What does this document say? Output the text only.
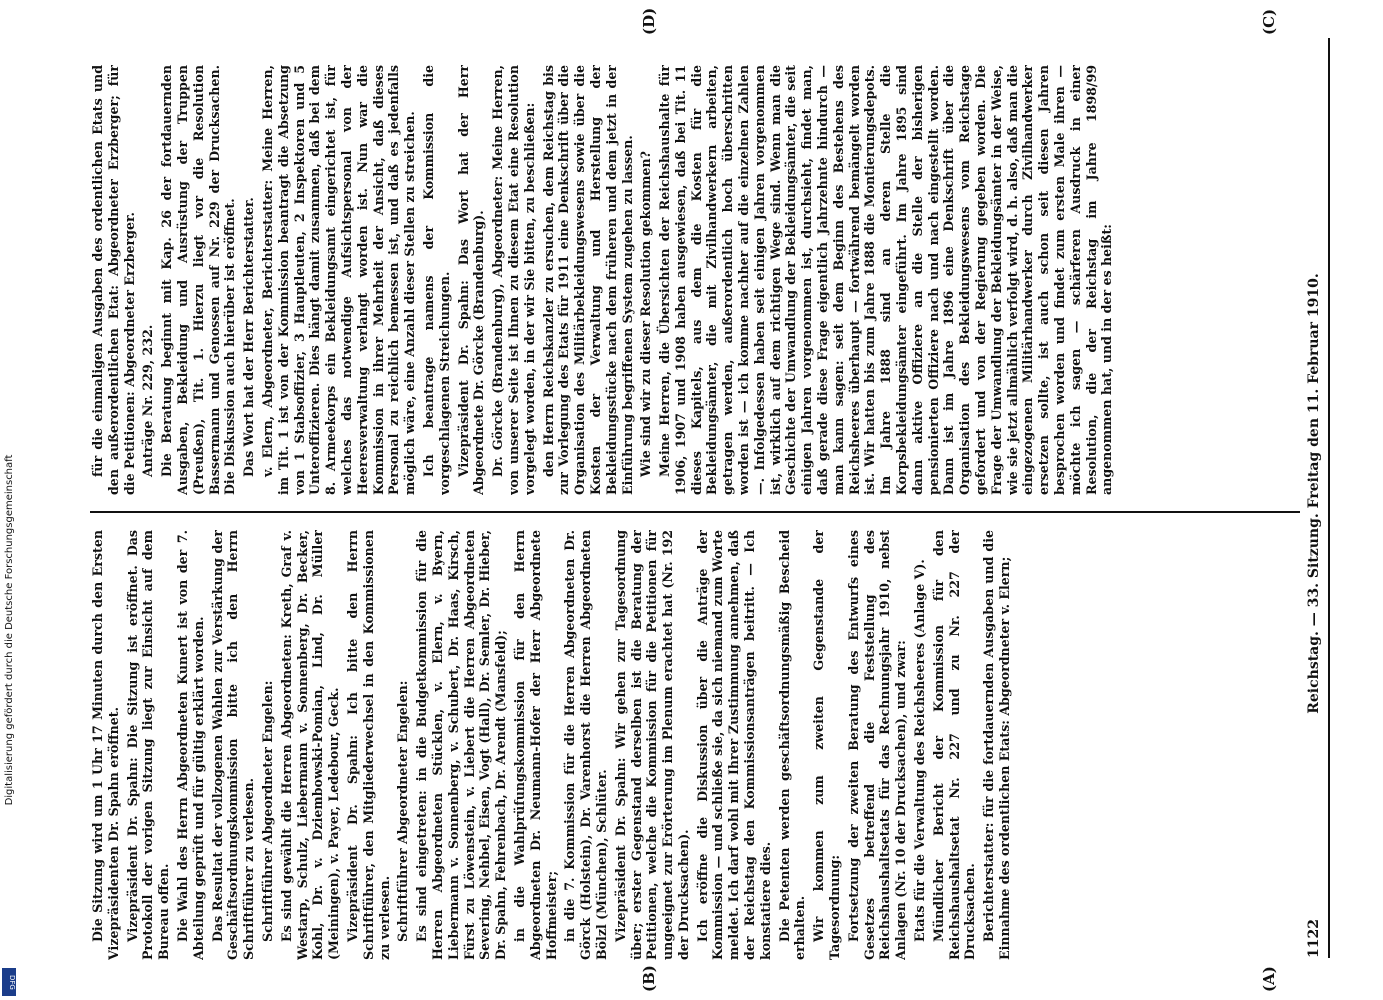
Digitalisierung gefördert durch die Deutsche Forschungsgemeinschaft
DFG
1122
Reichstag. — 33. Sitzung. Freitag den 11. Februar 1910.
(A)
(B)
(C)
(D)

Die Sitzung wird um 1 Uhr 17 Minuten durch den Ersten Vizepräsidenten Dr. Spahn eröffnet. Vizepräsident Dr. Spahn: Die Sitzung ist eröffnet. Das Protokoll der vorigen Sitzung liegt zur Einsicht auf dem Bureau offen. Die Wahl des Herrn Abgeordneten Kunert ist von der 7. Abteilung geprüft und für gültig erklärt worden. Das Resultat der vollzogenen Wahlen zur Verstärkung der Geschäftsordnungskommission bitte ich den Herrn Schriftführer zu verlesen. Schriftführer Abgeordneter Engelen: Es sind gewählt die Herren Abgeordneten: Kreth, Graf v. Westarp, Schulz, Liebermann v. Sonnenberg, Dr. Becker, Kohl, Dr. v. Dziembowski-Pomian, Lind, Dr. Müller (Meiningen), v. Payer, Ledebour, Geck. Vizepräsident Dr. Spahn: Ich bitte den Herrn Schriftführer, den Mitgliederwechsel in den Kommissionen zu verlesen. Schriftführer Abgeordneter Engelen: Es sind eingetreten: in die Budgetkommission für die Herren Abgeordneten Stücklen, v. Elern, v. Byern, Liebermann v. Sonnenberg, v. Schubert, Dr. Haas, Kirsch, Fürst zu Löwenstein, v. Liebert die Herren Abgeordneten Severing, Nehbel, Eisen, Vogt (Hall), Dr. Semler, Dr. Hieber, Dr. Spahn, Fehrenbach, Dr. Arendt (Mansfeld); in die Wahlprüfungskommission für den Herrn Abgeordneten Dr. Neumann-Hofer der Herr Abgeordnete Hoffmeister; in die 7. Kommission für die Herren Abgeordneten Dr. Görck (Holstein), Dr. Varenhorst die Herren Abgeordneten Bölzl (München), Schlüter. Vizepräsident Dr. Spahn: Wir gehen zur Tagesordnung über; erster Gegenstand derselben ist die Beratung der Petitionen, welche die Kommission für die Petitionen für ungeeignet zur Erörterung im Plenum erachtet hat (Nr. 192 der Drucksachen). Ich eröffne die Diskussion über die Anträge der Kommission — und schließe sie, da sich niemand zum Worte meldet. Ich darf wohl mit Ihrer Zustimmung annehmen, daß der Reichstag den Kommissionsanträgen beitritt. — Ich konstatiere dies. Die Petenten werden geschäftsordnungsmäßig Bescheid erhalten. Wir kommen zum zweiten Gegenstande der Tagesordnung: Fortsetzung der zweiten Beratung des Entwurfs eines Gesetzes betreffend die Feststellung des Reichshaushaltsetats für das Rechnungsjahr 1910, nebst Anlagen (Nr. 10 der Drucksachen), und zwar: Etats für die Verwaltung des Reichsheeres (Anlage V). Mündlicher Bericht der Kommission für den Reichshaushaltsetat Nr. 227 und zu Nr. 227 der Drucksachen. Berichterstatter: für die fortdauernden Ausgaben und die Einnahme des ordentlichen Etats: Abgeordneter v. Elern;

für die einmaligen Ausgaben des ordentlichen Etats und den außerordentlichen Etat: Abgeordneter Erzberger; für die Petitionen: Abgeordneter Erzberger. Anträge Nr. 229, 232. Die Beratung beginnt mit Kap. 26 der fortdauernden Ausgaben, Bekleidung und Ausrüstung der Truppen (Preußen), Tit. 1. Hierzu liegt vor die Resolution Bassermann und Genossen auf Nr. 229 der Drucksachen. Die Diskussion auch hierüber ist eröffnet. Das Wort hat der Herr Berichterstatter. v. Elern, Abgeordneter, Berichterstatter: Meine Herren, im Tit. 1 ist von der Kommission beantragt die Absetzung von 1 Stabsoffizier, 3 Hauptleuten, 2 Inspektoren und 5 Unteroffizieren. Dies hängt damit zusammen, daß bei dem 8. Armeekorps ein Bekleidungsamt eingerichtet ist, für welches das notwendige Aufsichtspersonal von der Heeresverwaltung verlangt worden ist. Nun war die Kommission in ihrer Mehrheit der Ansicht, daß dieses Personal zu reichlich bemessen ist, und daß es jedenfalls möglich wäre, eine Anzahl dieser Stellen zu streichen. Ich beantrage namens der Kommission die vorgeschlagenen Streichungen. Vizepräsident Dr. Spahn: Das Wort hat der Herr Abgeordnete Dr. Görcke (Brandenburg). Dr. Görcke (Brandenburg), Abgeordneter: Meine Herren, von unserer Seite ist Ihnen zu diesem Etat eine Resolution vorgelegt worden, in der wir Sie bitten, zu beschließen: den Herrn Reichskanzler zu ersuchen, dem Reichstag bis zur Vorlegung des Etats für 1911 eine Denkschrift über die Organisation des Militärbekleidungswesens sowie über die Kosten der Verwaltung und Herstellung der Bekleidungsstücke nach dem früheren und dem jetzt in der Einführung begriffenen System zugehen zu lassen. Wie sind wir zu dieser Resolution gekommen? Meine Herren, die Übersichten der Reichshaushalte für 1906, 1907 und 1908 haben ausgewiesen, daß bei Tit. 11 dieses Kapitels, aus dem die Kosten für die Bekleidungsämter, die mit Zivilhandwerkern arbeiten, getragen werden, außerordentlich hoch überschritten worden ist — ich komme nachher auf die einzelnen Zahlen —. Infolgedessen haben seit einigen Jahren vorgenommen ist, wirklich auf dem richtigen Wege sind. Wenn man die Geschichte der Umwandlung der Bekleidungsämter, die seit einigen Jahren vorgenommen ist, durchsieht, findet man, daß gerade diese Frage eigentlich Jahrzehnte hindurch — man kann sagen: seit dem Beginn des Bestehens des Reichsheeres überhaupt — fortwährend bemängelt worden ist. Wir hatten bis zum Jahre 1888 die Montierungsdepots. Im Jahre 1888 sind an deren Stelle die Korpsbekleidungsämter eingeführt. Im Jahre 1895 sind dann aktive Offiziere an die Stelle der bisherigen pensionierten Offiziere nach und nach eingestellt worden. Dann ist im Jahre 1896 eine Denkschrift über die Organisation des Bekleidungswesens vom Reichstage gefordert und von der Regierung gegeben worden. Die Frage der Umwandlung der Bekleidungsämter in der Weise, wie sie jetzt allmählich verfolgt wird, d. h. also, daß man die eingezogenen Militärhandwerker durch Zivilhandwerker ersetzen sollte, ist auch schon seit diesen Jahren besprochen worden und findet zum ersten Male ihren — möchte ich sagen — schärferen Ausdruck in einer Resolution, die der Reichstag im Jahre 1898/99 angenommen hat, und in der es heißt:
